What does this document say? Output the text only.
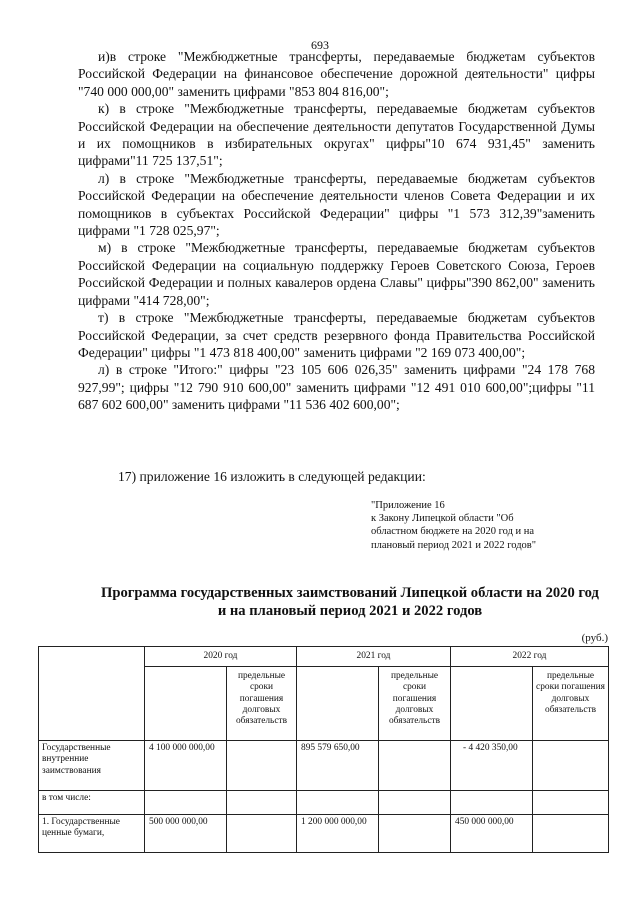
693

и)в строке "Межбюджетные трансферты, передаваемые бюджетам субъектов Российской Федерации на финансовое обеспечение дорожной деятельности" цифры "740 000 000,00" заменить цифрами "853 804 816,00";

к) в строке "Межбюджетные трансферты, передаваемые бюджетам субъектов Российской Федерации на обеспечение деятельности депутатов Государственной Думы и их помощников в избирательных округах" цифры"10 674 931,45" заменить цифрами"11 725 137,51";

л) в строке "Межбюджетные трансферты, передаваемые бюджетам субъектов Российской Федерации на обеспечение деятельности членов Совета Федерации и их помощников в субъектах Российской Федерации" цифры "1 573 312,39"заменить цифрами "1 728 025,97";

м) в строке "Межбюджетные трансферты, передаваемые бюджетам субъектов Российской Федерации на социальную поддержку Героев Советского Союза, Героев Российской Федерации и полных кавалеров ордена Славы" цифры"390 862,00" заменить цифрами "414 728,00";

т) в строке "Межбюджетные трансферты, передаваемые бюджетам субъектов Российской Федерации, за счет средств резервного фонда Правительства Российской Федерации" цифры "1 473 818 400,00" заменить цифрами "2 169 073 400,00";

л) в строке "Итого:" цифры "23 105 606 026,35" заменить цифрами "24 178 768 927,99"; цифры "12 790 910 600,00" заменить цифрами "12 491 010 600,00";цифры "11 687 602 600,00" заменить цифрами "11 536 402 600,00";

17) приложение 16 изложить в следующей редакции:
"Приложение 16
к Закону Липецкой области "Об
областном бюджете на 2020 год и на
плановый период 2021 и 2022 годов"
Программа государственных заимствований Липецкой области на 2020 год
и на плановый период 2021 и 2022 годов
(руб.)
	2020 год		2021 год		2022 год	
		предельные сроки погашения долговых обязательств		предельные сроки погашения долговых обязательств		предельные сроки погашения долговых обязательств
Государственные внутренние заимствования	4 100 000 000,00		895 579 650,00		- 4 420 350,00	
в том числе:						
1. Государственные ценные бумаги,	500 000 000,00		1 200 000 000,00		450 000 000,00	
